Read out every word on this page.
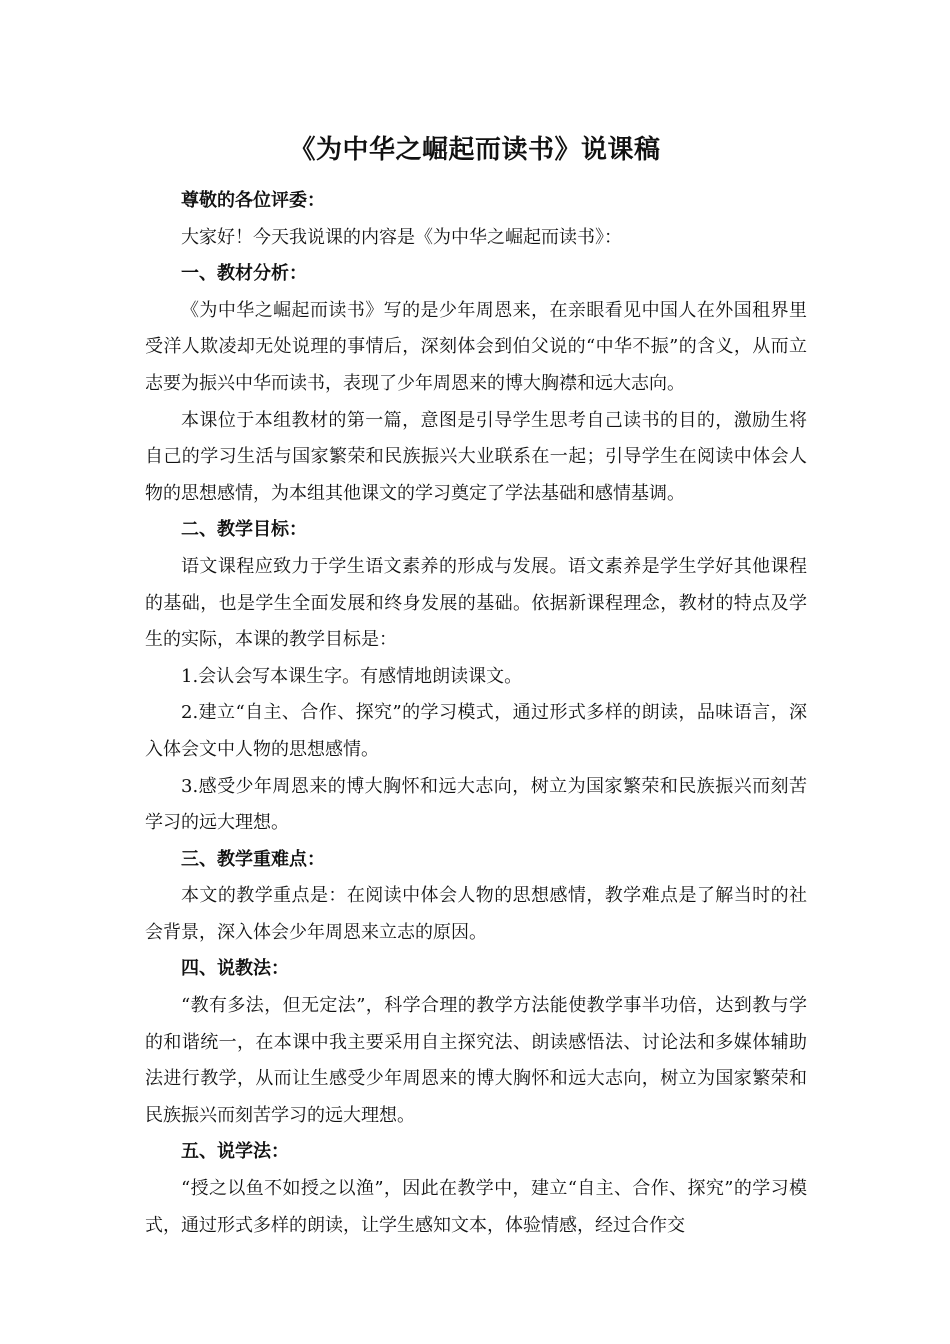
《为中华之崛起而读书》说课稿

尊敬的各位评委：

大家好！今天我说课的内容是《为中华之崛起而读书》：

一、教材分析：

《为中华之崛起而读书》写的是少年周恩来，在亲眼看见中国人在外国租界里受洋人欺凌却无处说理的事情后，深刻体会到伯父说的“中华不振”的含义，从而立志要为振兴中华而读书，表现了少年周恩来的博大胸襟和远大志向。

本课位于本组教材的第一篇，意图是引导学生思考自己读书的目的，激励生将自己的学习生活与国家繁荣和民族振兴大业联系在一起；引导学生在阅读中体会人物的思想感情，为本组其他课文的学习奠定了学法基础和感情基调。

二、教学目标：

语文课程应致力于学生语文素养的形成与发展。语文素养是学生学好其他课程的基础，也是学生全面发展和终身发展的基础。依据新课程理念，教材的特点及学生的实际，本课的教学目标是：

1.会认会写本课生字。有感情地朗读课文。

2.建立“自主、合作、探究”的学习模式，通过形式多样的朗读，品味语言，深入体会文中人物的思想感情。

3.感受少年周恩来的博大胸怀和远大志向，树立为国家繁荣和民族振兴而刻苦学习的远大理想。

三、教学重难点：

本文的教学重点是：在阅读中体会人物的思想感情，教学难点是了解当时的社会背景，深入体会少年周恩来立志的原因。

四、说教法：

“教有多法，但无定法”，科学合理的教学方法能使教学事半功倍，达到教与学的和谐统一，在本课中我主要采用自主探究法、朗读感悟法、讨论法和多媒体辅助法进行教学，从而让生感受少年周恩来的博大胸怀和远大志向，树立为国家繁荣和民族振兴而刻苦学习的远大理想。

五、说学法：

“授之以鱼不如授之以渔”，因此在教学中，建立“自主、合作、探究”的学习模式，通过形式多样的朗读，让学生感知文本，体验情感，经过合作交
